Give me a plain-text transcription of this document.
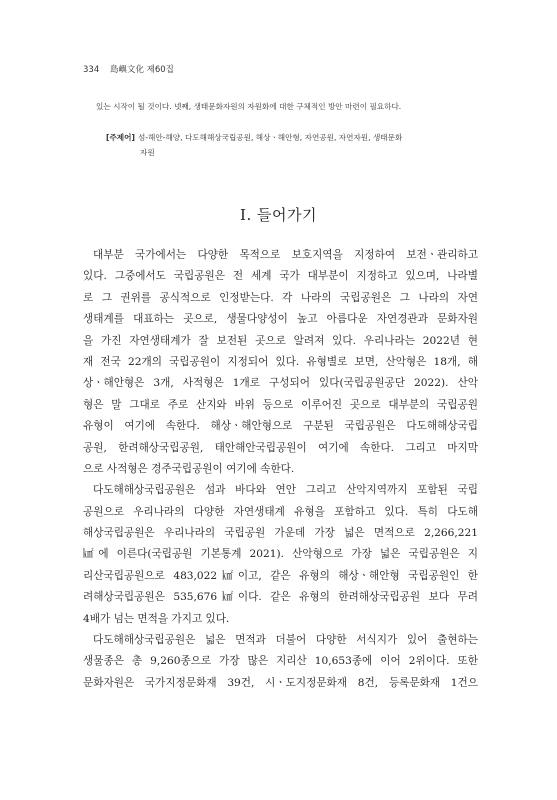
334 島嶼文化 제60집
있는 시작이 될 것이다. 넷째, 생태문화자원의 자원화에 대한 구체적인 방안 마련이 필요하다.
[주제어] 섬-해안-해양, 다도해해상국립공원, 해상ㆍ해안형, 자연공원, 자연자원, 생태문화
자원
Ⅰ. 들어가기
대부분 국가에서는 다양한 목적으로 보호지역을 지정하여 보전ㆍ관리하고
있다. 그중에서도 국립공원은 전 세계 국가 대부분이 지정하고 있으며, 나라별
로 그 권위를 공식적으로 인정받는다. 각 나라의 국립공원은 그 나라의 자연
생태계를 대표하는 곳으로, 생물다양성이 높고 아름다운 자연경관과 문화자원
을 가진 자연생태계가 잘 보전된 곳으로 알려져 있다. 우리나라는 2022년 현
재 전국 22개의 국립공원이 지정되어 있다. 유형별로 보면, 산악형은 18개, 해
상ㆍ해안형은 3개, 사적형은 1개로 구성되어 있다(국립공원공단 2022). 산악
형은 말 그대로 주로 산지와 바위 등으로 이루어진 곳으로 대부분의 국립공원
유형이 여기에 속한다. 해상ㆍ해안형으로 구분된 국립공원은 다도해해상국립
공원, 한려해상국립공원, 태안해안국립공원이 여기에 속한다. 그리고 마지막
으로 사적형은 경주국립공원이 여기에 속한다.
다도해해상국립공원은 섬과 바다와 연안 그리고 산악지역까지 포함된 국립
공원으로 우리나라의 다양한 자연생태계 유형을 포함하고 있다. 특히 다도해
해상국립공원은 우리나라의 국립공원 가운데 가장 넓은 면적으로 2,266,221
㎢에 이른다(국립공원 기본통계 2021). 산악형으로 가장 넓은 국립공원은 지
리산국립공원으로 483,022㎢이고, 같은 유형의 해상ㆍ해안형 국립공원인 한
려해상국립공원은 535,676㎢이다. 같은 유형의 한려해상국립공원 보다 무려
4배가 넘는 면적을 가지고 있다.
다도해해상국립공원은 넓은 면적과 더불어 다양한 서식지가 있어 출현하는
생물종은 총 9,260종으로 가장 많은 지리산 10,653종에 이어 2위이다. 또한
문화자원은 국가지정문화재 39건, 시ㆍ도지정문화재 8건, 등록문화재 1건으
